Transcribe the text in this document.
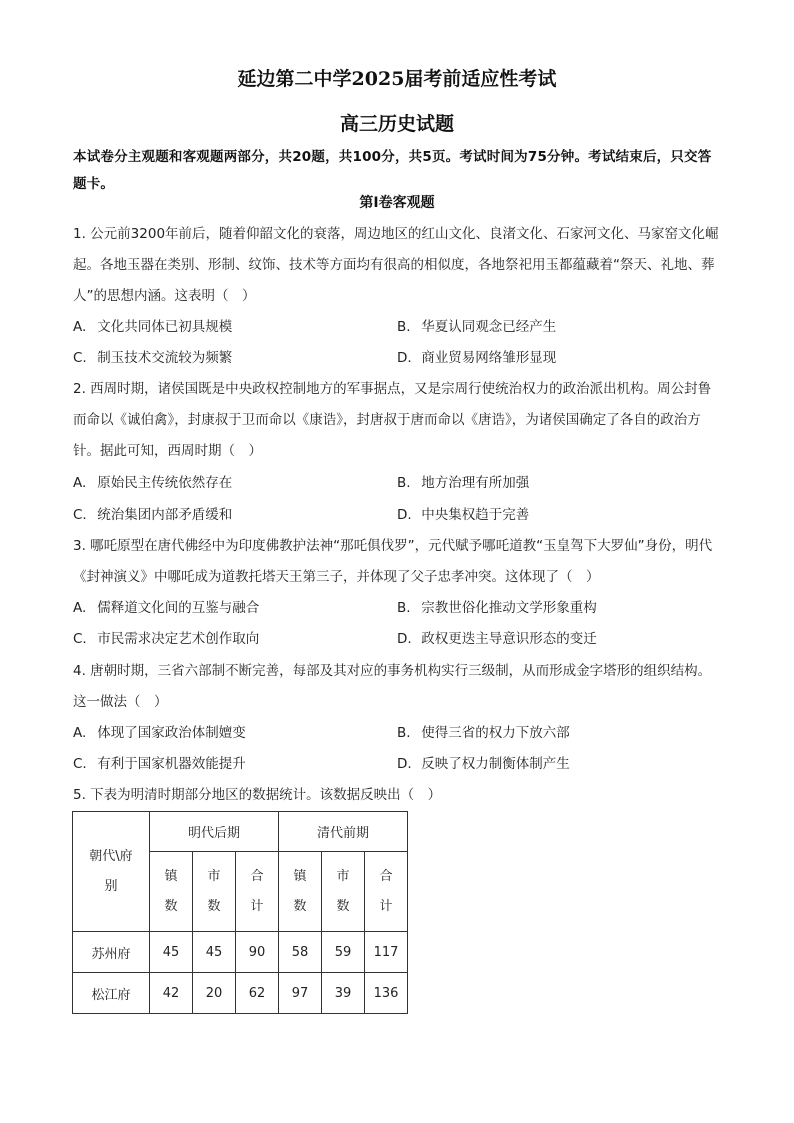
延边第二中学2025届考前适应性考试
高三历史试题
本试卷分主观题和客观题两部分，共20题，共100分，共5页。考试时间为75分钟。考试结束后，只交答题卡。
第Ⅰ卷客观题
1. 公元前3200年前后，随着仰韶文化的衰落，周边地区的红山文化、良渚文化、石家河文化、马家窑文化崛起。各地玉器在类别、形制、纹饰、技术等方面均有很高的相似度，各地祭祀用玉都蕴藏着“祭天、礼地、葬人”的思想内涵。这表明（　）
A. 文化共同体已初具规模	B. 华夏认同观念已经产生
C. 制玉技术交流较为频繁	D. 商业贸易网络雏形显现
2. 西周时期，诸侯国既是中央政权控制地方的军事据点，又是宗周行使统治权力的政治派出机构。周公封鲁而命以《诚伯禽》，封康叔于卫而命以《康诰》，封唐叔于唐而命以《唐诰》，为诸侯国确定了各自的政治方针。据此可知，西周时期（　）
A. 原始民主传统依然存在	B. 地方治理有所加强
C. 统治集团内部矛盾缓和	D. 中央集权趋于完善
3. 哪吒原型在唐代佛经中为印度佛教护法神“那吒俱伐罗”，元代赋予哪吒道教“玉皇驾下大罗仙”身份，明代《封神演义》中哪吒成为道教托塔天王第三子，并体现了父子忠孝冲突。这体现了（　）
A. 儒释道文化间的互鉴与融合	B. 宗教世俗化推动文学形象重构
C. 市民需求决定艺术创作取向	D. 政权更迭主导意识形态的变迁
4. 唐朝时期，三省六部制不断完善，每部及其对应的事务机构实行三级制，从而形成金字塔形的组织结构。这一做法（　）
A. 体现了国家政治体制嬗变	B. 使得三省的权力下放六部
C. 有利于国家机器效能提升	D. 反映了权力制衡体制产生
5. 下表为明清时期部分地区的数据统计。该数据反映出（　）
朝代\府别	明代后期			清代前期		

	镇数	市数	合计	镇数	市数	合计

苏州府	45	45	90	58	59	117
松江府	42	20	62	97	39	136
